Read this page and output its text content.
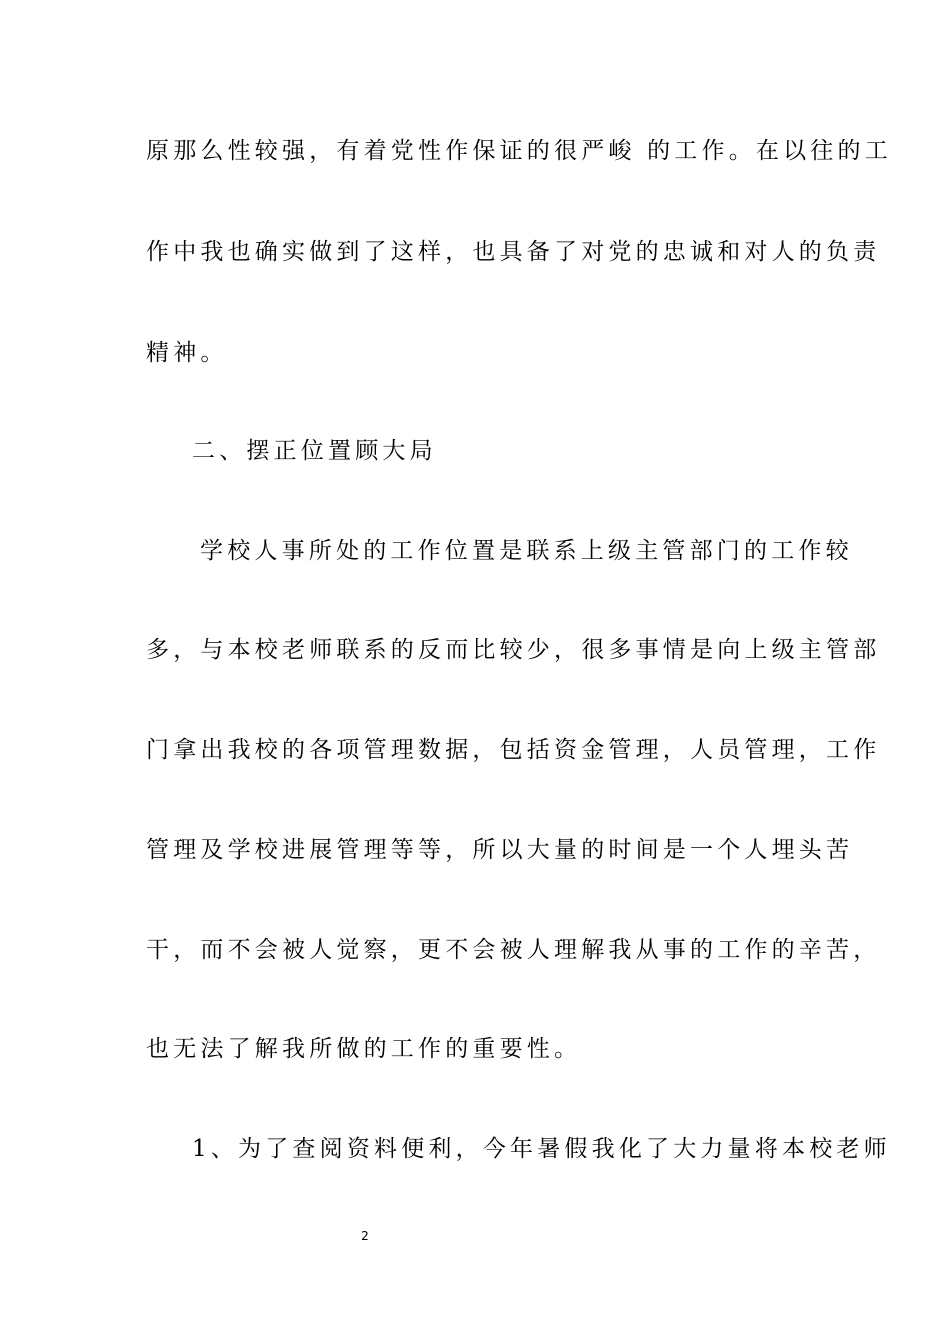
原那么性较强，有着党性作保证的很严峻 的工作。在以往的工
作中我也确实做到了这样，也具备了对党的忠诚和对人的负责
精神。
二、摆正位置顾大局
学校人事所处的工作位置是联系上级主管部门的工作较
多，与本校老师联系的反而比较少，很多事情是向上级主管部
门拿出我校的各项管理数据，包括资金管理，人员管理，工作
管理及学校进展管理等等，所以大量的时间是一个人埋头苦
干，而不会被人觉察，更不会被人理解我从事的工作的辛苦，
也无法了解我所做的工作的重要性。
1、为了查阅资料便利，今年暑假我化了大力量将本校老师
2
